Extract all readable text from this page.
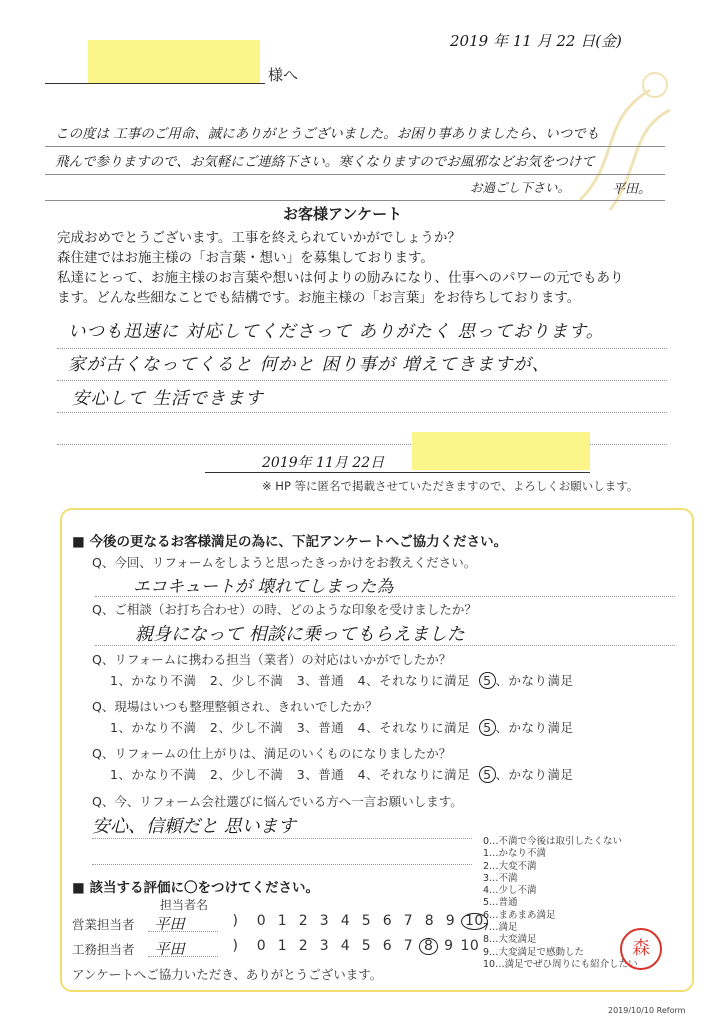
2019 年 11 月 22 日(金)
様へ
この度は 工事のご用命、誠にありがとうございました。お困り事ありましたら、いつでも
飛んで参りますので、お気軽にご連絡下さい。寒くなりますのでお風邪などお気をつけて
お過ごし下さい。	平田。
お客様アンケート
完成おめでとうございます。工事を終えられていかがでしょうか？
森住建ではお施主様の「お言葉・想い」を募集しております。
私達にとって、お施主様のお言葉や想いは何よりの励みになり、仕事へのパワーの元でもあり
ます。どんな些細なことでも結構です。お施主様の「お言葉」をお待ちしております。
いつも迅速に 対応してくださって ありがたく 思っております。
家が古くなってくると 何かと 困り事が 増えてきますが、
安心して 生活できます
2019年 11月 22日
※ HP 等に匿名で掲載させていただきますので、よろしくお願いします。
■ 今後の更なるお客様満足の為に、下記アンケートへご協力ください。
Q、今回、リフォームをしようと思ったきっかけをお教えください。
エコキュートが 壊れてしまった為
Q、ご相談（お打ち合わせ）の時、どのような印象を受けましたか？
親身になって 相談に乗ってもらえました
Q、リフォームに携わる担当（業者）の対応はいかがでしたか？
1、かなり不満 2、少し不満 3、普通 4、それなりに満足 5 、かなり満足
Q、現場はいつも整理整頓され、きれいでしたか？
1、かなり不満 2、少し不満 3、普通 4、それなりに満足 5 、かなり満足
Q、リフォームの仕上がりは、満足のいくものになりましたか？
1、かなり不満 2、少し不満 3、普通 4、それなりに満足 5 、かなり満足
Q、今、リフォーム会社選びに悩んでいる方へ一言お願いします。
安心、信頼だと 思います
0…不満で今後は取引したくない
1…かなり不満
2…大変不満
3…不満
4…少し不満
5…普通
6…まあまあ満足
7…満足
8…大変満足
9…大変満足で感動した
10…満足でぜひ周りにも紹介したい
■ 該当する評価に〇をつけてください。
担当者名
営業担当者 平田	) 0 1 2 3 4 5 6 7 8 9 10
工務担当者 平田	) 0 1 2 3 4 5 6 7 8 9 10
アンケートへご協力いただき、ありがとうございます。
森
2019/10/10 Reform
